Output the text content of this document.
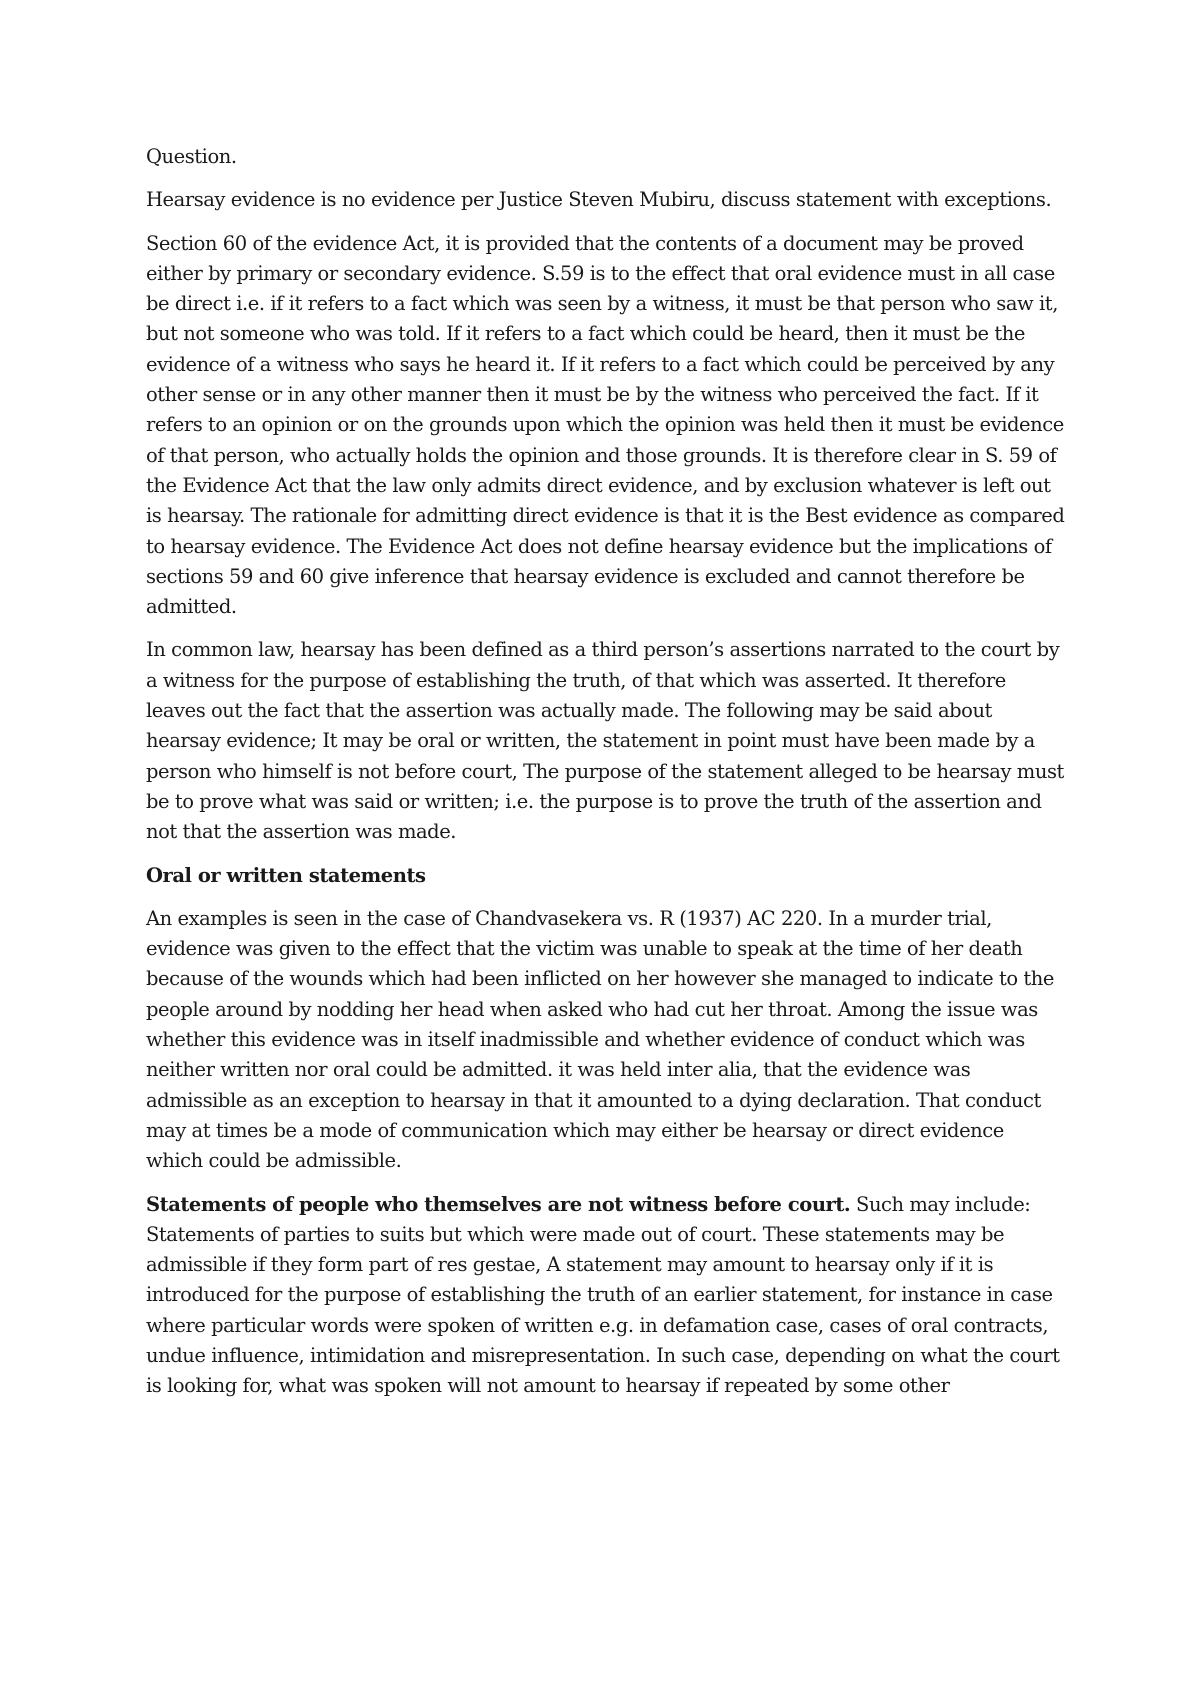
Question.

Hearsay evidence is no evidence per Justice Steven Mubiru, discuss statement with exceptions.

Section 60 of the evidence Act, it is provided that the contents of a document may be proved either by primary or secondary evidence. S.59 is to the effect that oral evidence must in all case be direct i.e. if it refers to a fact which was seen by a witness, it must be that person who saw it, but not someone who was told. If it refers to a fact which could be heard, then it must be the evidence of a witness who says he heard it. If it refers to a fact which could be perceived by any other sense or in any other manner then it must be by the witness who perceived the fact. If it refers to an opinion or on the grounds upon which the opinion was held then it must be evidence of that person, who actually holds the opinion and those grounds. It is therefore clear in S. 59 of the Evidence Act that the law only admits direct evidence, and by exclusion whatever is left out is hearsay. The rationale for admitting direct evidence is that it is the Best evidence as compared to hearsay evidence. The Evidence Act does not define hearsay evidence but the implications of sections 59 and 60 give inference that hearsay evidence is excluded and cannot therefore be admitted.

In common law, hearsay has been defined as a third person’s assertions narrated to the court by a witness for the purpose of establishing the truth, of that which was asserted. It therefore leaves out the fact that the assertion was actually made. The following may be said about hearsay evidence; It may be oral or written, the statement in point must have been made by a person who himself is not before court, The purpose of the statement alleged to be hearsay must be to prove what was said or written; i.e. the purpose is to prove the truth of the assertion and not that the assertion was made.

Oral or written statements

An examples is seen in the case of Chandvasekera vs. R (1937) AC 220. In a murder trial, evidence was given to the effect that the victim was unable to speak at the time of her death because of the wounds which had been inflicted on her however she managed to indicate to the people around by nodding her head when asked who had cut her throat. Among the issue was whether this evidence was in itself inadmissible and whether evidence of conduct which was neither written nor oral could be admitted. it was held inter alia, that the evidence was admissible as an exception to hearsay in that it amounted to a dying declaration. That conduct may at times be a mode of communication which may either be hearsay or direct evidence which could be admissible.

Statements of people who themselves are not witness before court. Such may include: Statements of parties to suits but which were made out of court. These statements may be admissible if they form part of res gestae, A statement may amount to hearsay only if it is introduced for the purpose of establishing the truth of an earlier statement, for instance in case where particular words were spoken of written e.g. in defamation case, cases of oral contracts, undue influence, intimidation and misrepresentation. In such case, depending on what the court is looking for, what was spoken will not amount to hearsay if repeated by some other
